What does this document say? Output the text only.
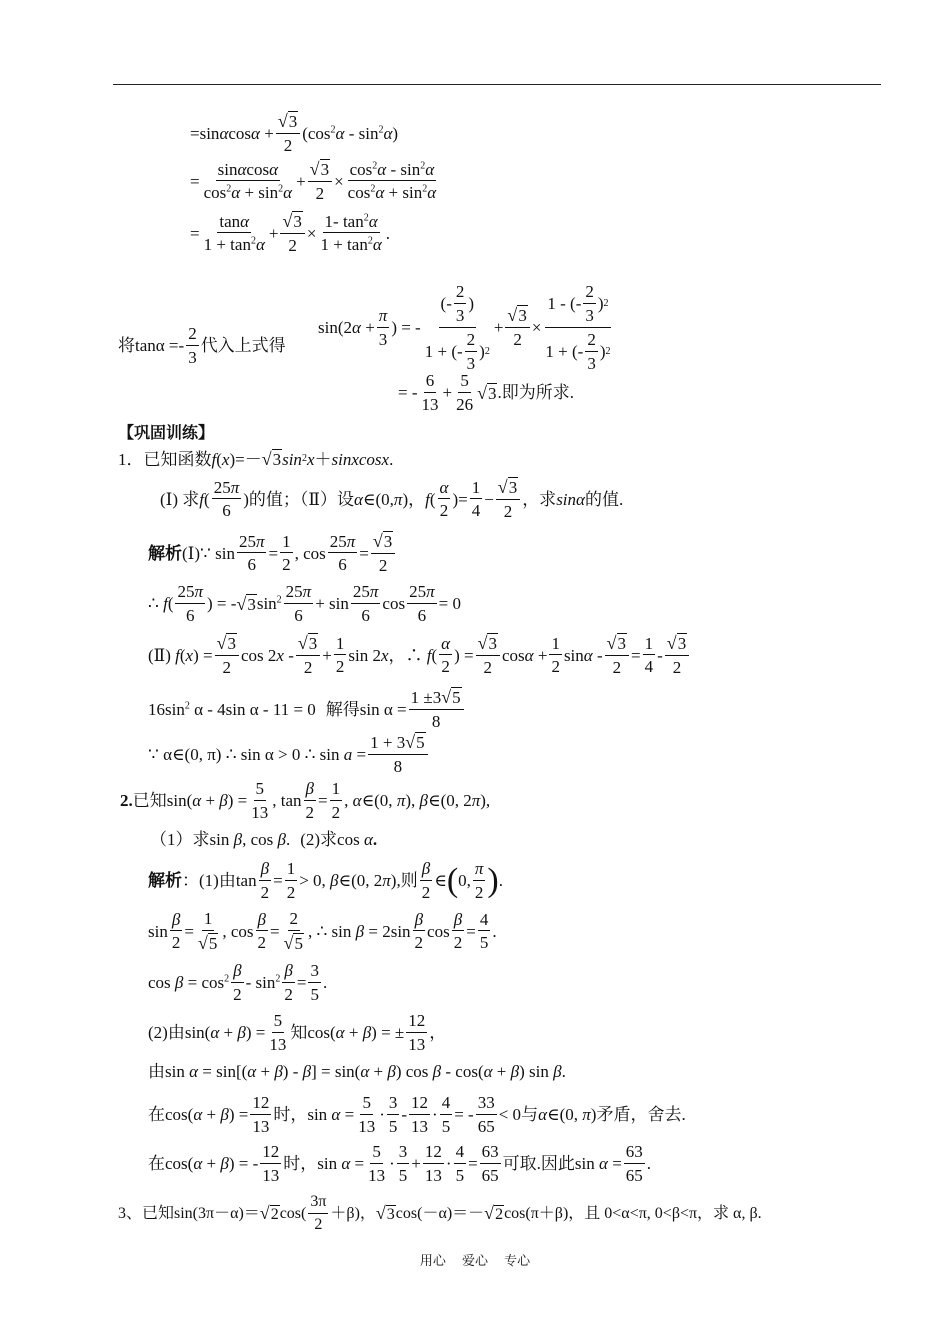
$=\sin\alpha\cos\alpha + \frac{√3}{2} (\cos^2\alpha - \sin^2\alpha)$
= $\frac{\sin\alpha\cos\alpha}{\cos^2\alpha + \sin^2\alpha} + \frac{√3}{2} \times \frac{\cos^2\alpha - \sin^2\alpha}{\cos^2\alpha + \sin^2\alpha}$
= $\frac{\tan\alpha}{1 + \tan^2\alpha} + \frac{√3}{2} \times \frac{1- \tan^2\alpha}{1 + \tan^2\alpha}$ .
将$\tan\alpha =- \frac{2}{3}$ 代入上式得
$\sin(2\alpha + \frac{\pi}{3}$ ) = - $\frac{(- \frac{2}{3} )}{1 + (- \frac{2}{3} ) 2} + \frac{√3}{2} \times \frac{1 - (- \frac{2}{3} ) 2}{1 + (- \frac{2}{3} ) 2}$
= - $\frac{6}{13} + \frac{5}{26} √3$ . 即为所求.
【巩固训练】
1．已知函数 f ( x )=－ √3 sin 2 x ＋ sinxcosx .
(Ⅰ) 求$f( \frac{25\pi}{6}$ ) 的值；（Ⅱ）设 α ∈(0, π )， f ( $\frac{\alpha}{2}$ )= $\frac{1}{4} - \frac{√3}{2}$ ，求 sinα 的值.
解析 (Ⅰ)∵ $\sin \frac{25\pi}{6} = \frac{1}{2}$ , $\cos \frac{25\pi}{6} = \frac{√3}{2}$
∴ $f( \frac{25\pi}{6}$ ) = - √3 $\sin^2 \frac{25\pi}{6} + \sin \frac{25\pi}{6}$ $\cos \frac{25\pi}{6} = 0$
(Ⅱ) $f(x) = \frac{√3}{2}$ $\cos 2x - \frac{√3}{2} + \frac{1}{2}$ sin 2x，∴ $f( \frac{\alpha}{2}$ ) = $\frac{√3}{2}$ $\cos\alpha + \frac{1}{2}$ $\sin\alpha - \frac{√3}{2} = \frac{1}{4} - \frac{√3}{2}$
$16\sin^2$ α - 4sin α - 11 = 0 解得 $\sin \alpha = \frac{1 \pm 3√5}{8}$
∵ α∈(0, π) ∴ sin α > 0 ∴ $\sin a = \frac{1 + 3√5}{8}$
2. 已知 $\sin(\alpha + \beta) = \frac{5}{13}$ , $\tan \frac{\beta}{2} = \frac{1}{2}$ , α∈(0, π), β∈(0, 2π),
（1）求 sin β, cos β. (2)求 cos α.
解析 ：(1) 由 $\tan \frac{\beta}{2} = \frac{1}{2} > 0$, β∈(0, 2π), 则 $\frac{\beta}{2}$ ∈ ( 0, $\frac{\pi}{2}$ ) .
$\sin \frac{\beta}{2} = \frac{1}{√5}$ , $\cos \frac{\beta}{2} = \frac{2}{√5}$ , ∴ $\sin \beta = 2\sin \frac{\beta}{2}$ $\cos \frac{\beta}{2} = \frac{4}{5}$ .
$\cos \beta = \cos^2 \frac{\beta}{2} - \sin^2 \frac{\beta}{2} = \frac{3}{5}$ .
(2) 由 $\sin(\alpha + \beta) = \frac{5}{13}$ 知 cos(α + β) = ± $\frac{12}{13}$ ，
由 sin α = sin[(α + β) - β] = sin(α + β) cos β - cos(α + β) sin β.
在 $\cos(\alpha + \beta) = \frac{12}{13}$ 时， $\sin \alpha = \frac{5}{13} \cdot \frac{3}{5} - \frac{12}{13} \cdot \frac{4}{5}$ = - $\frac{33}{65} < 0$ 与 α∈(0, π) 矛盾，舍去.
在 cos(α + β) = - $\frac{12}{13}$ 时， $\sin \alpha = \frac{5}{13} \cdot \frac{3}{5} + \frac{12}{13} \cdot \frac{4}{5} = \frac{63}{65}$ 可取.因此 $\sin \alpha = \frac{63}{65}$ .
3、已知sin(3π－α)＝ √2 $\cos( \frac{3\pi}{2} +\beta)$， √3 cos(－α)＝－ √2 cos(π＋β) ，且 0<α<π, 0<β<π，求 α, β.
用心 爱心 专心
